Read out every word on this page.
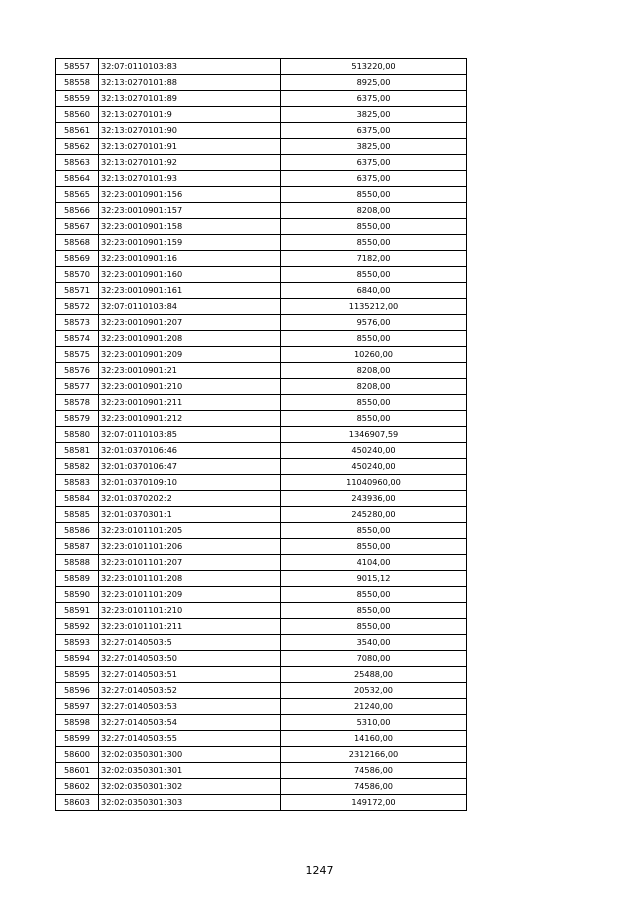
58557	32:07:0110103:83	513220,00
58558	32:13:0270101:88	8925,00
58559	32:13:0270101:89	6375,00
58560	32:13:0270101:9	3825,00
58561	32:13:0270101:90	6375,00
58562	32:13:0270101:91	3825,00
58563	32:13:0270101:92	6375,00
58564	32:13:0270101:93	6375,00
58565	32:23:0010901:156	8550,00
58566	32:23:0010901:157	8208,00
58567	32:23:0010901:158	8550,00
58568	32:23:0010901:159	8550,00
58569	32:23:0010901:16	7182,00
58570	32:23:0010901:160	8550,00
58571	32:23:0010901:161	6840,00
58572	32:07:0110103:84	1135212,00
58573	32:23:0010901:207	9576,00
58574	32:23:0010901:208	8550,00
58575	32:23:0010901:209	10260,00
58576	32:23:0010901:21	8208,00
58577	32:23:0010901:210	8208,00
58578	32:23:0010901:211	8550,00
58579	32:23:0010901:212	8550,00
58580	32:07:0110103:85	1346907,59
58581	32:01:0370106:46	450240,00
58582	32:01:0370106:47	450240,00
58583	32:01:0370109:10	11040960,00
58584	32:01:0370202:2	243936,00
58585	32:01:0370301:1	245280,00
58586	32:23:0101101:205	8550,00
58587	32:23:0101101:206	8550,00
58588	32:23:0101101:207	4104,00
58589	32:23:0101101:208	9015,12
58590	32:23:0101101:209	8550,00
58591	32:23:0101101:210	8550,00
58592	32:23:0101101:211	8550,00
58593	32:27:0140503:5	3540,00
58594	32:27:0140503:50	7080,00
58595	32:27:0140503:51	25488,00
58596	32:27:0140503:52	20532,00
58597	32:27:0140503:53	21240,00
58598	32:27:0140503:54	5310,00
58599	32:27:0140503:55	14160,00
58600	32:02:0350301:300	2312166,00
58601	32:02:0350301:301	74586,00
58602	32:02:0350301:302	74586,00
58603	32:02:0350301:303	149172,00
1247
